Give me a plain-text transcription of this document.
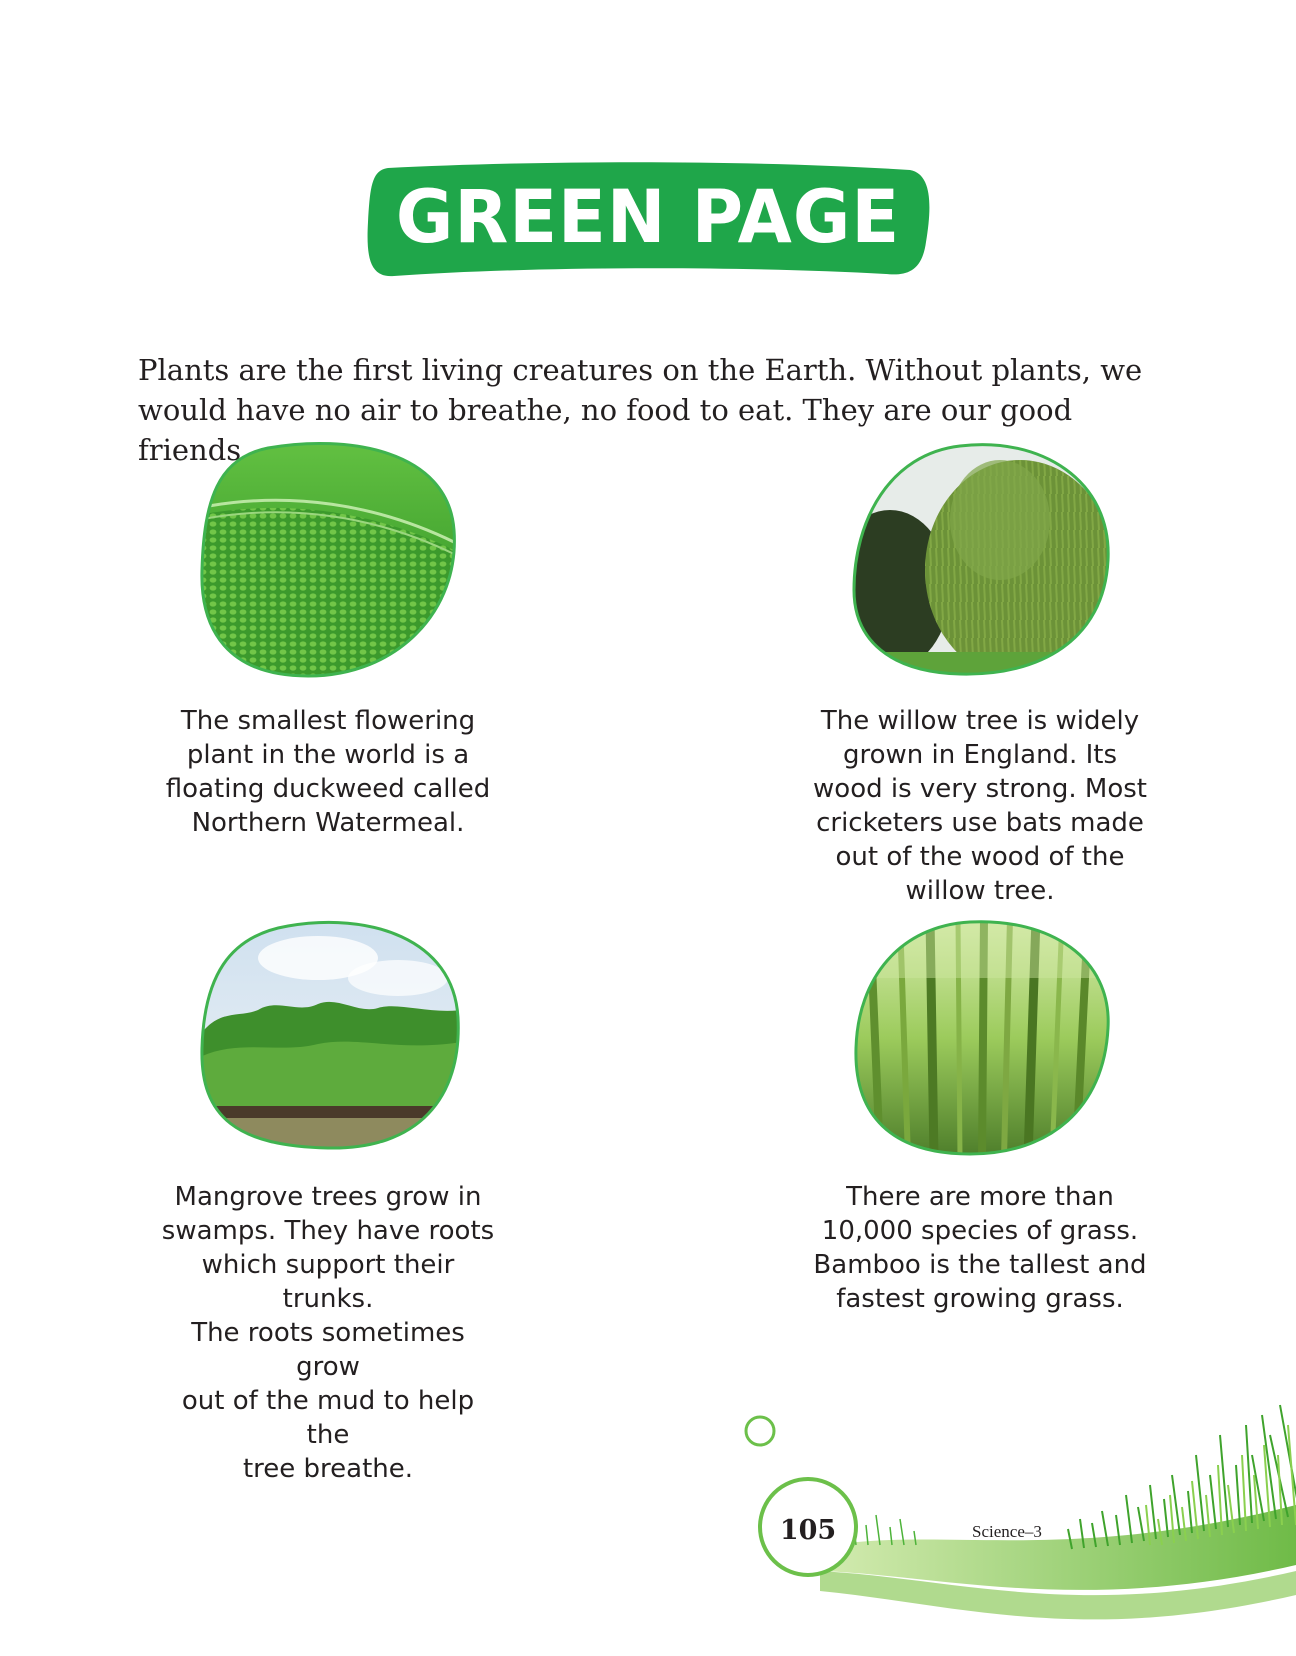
GREEN PAGE

Plants are the first living creatures on the Earth. Without plants, we would have no air to breathe, no food to eat. They are our good friends.

The smallest flowering
plant in the world is a
floating duckweed called
Northern Watermeal.

The willow tree is widely
grown in England. Its
wood is very strong. Most
cricketers use bats made
out of the wood of the
willow tree.

Mangrove trees grow in
swamps. They have roots
which support their trunks.
The roots sometimes grow
out of the mud to help the
tree breathe.

There are more than
10,000 species of grass.
Bamboo is the tallest and
fastest growing grass.

105	Science–3
